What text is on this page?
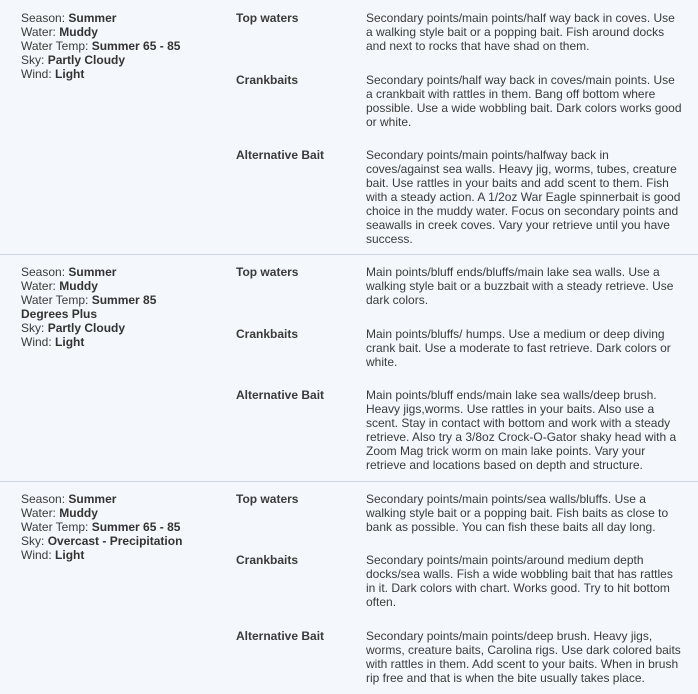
Season: Summer
Water: Muddy
Water Temp: Summer 65 - 85
Sky: Partly Cloudy
Wind: Light
Top waters	Secondary points/main points/half way back in coves. Use a walking style bait or a popping bait. Fish around docks and next to rocks that have shad on them.
Crankbaits	Secondary points/half way back in coves/main points. Use a crankbait with rattles in them. Bang off bottom where possible. Use a wide wobbling bait. Dark colors works good or white.
Alternative Bait	Secondary points/main points/halfway back in coves/against sea walls. Heavy jig, worms, tubes, creature bait. Use rattles in your baits and add scent to them. Fish with a steady action. A 1/2oz War Eagle spinnerbait is good choice in the muddy water. Focus on secondary points and seawalls in creek coves. Vary your retrieve until you have success.
Season: Summer
Water: Muddy
Water Temp: Summer 85 Degrees Plus
Sky: Partly Cloudy
Wind: Light
Top waters	Main points/bluff ends/bluffs/main lake sea walls. Use a walking style bait or a buzzbait with a steady retrieve. Use dark colors.
Crankbaits	Main points/bluffs/ humps. Use a medium or deep diving crank bait. Use a moderate to fast retrieve. Dark colors or white.
Alternative Bait	Main points/bluff ends/main lake sea walls/deep brush. Heavy jigs,worms. Use rattles in your baits. Also use a scent. Stay in contact with bottom and work with a steady retrieve. Also try a 3/8oz Crock-O-Gator shaky head with a Zoom Mag trick worm on main lake points. Vary your retrieve and locations based on depth and structure.
Season: Summer
Water: Muddy
Water Temp: Summer 65 - 85
Sky: Overcast - Precipitation
Wind: Light
Top waters	Secondary points/main points/sea walls/bluffs. Use a walking style bait or a popping bait. Fish baits as close to bank as possible. You can fish these baits all day long.
Crankbaits	Secondary points/main points/around medium depth docks/sea walls. Fish a wide wobbling bait that has rattles in it. Dark colors with chart. Works good. Try to hit bottom often.
Alternative Bait	Secondary points/main points/deep brush. Heavy jigs, worms, creature baits, Carolina rigs. Use dark colored baits with rattles in them. Add scent to your baits. When in brush rip free and that is when the bite usually takes place.
